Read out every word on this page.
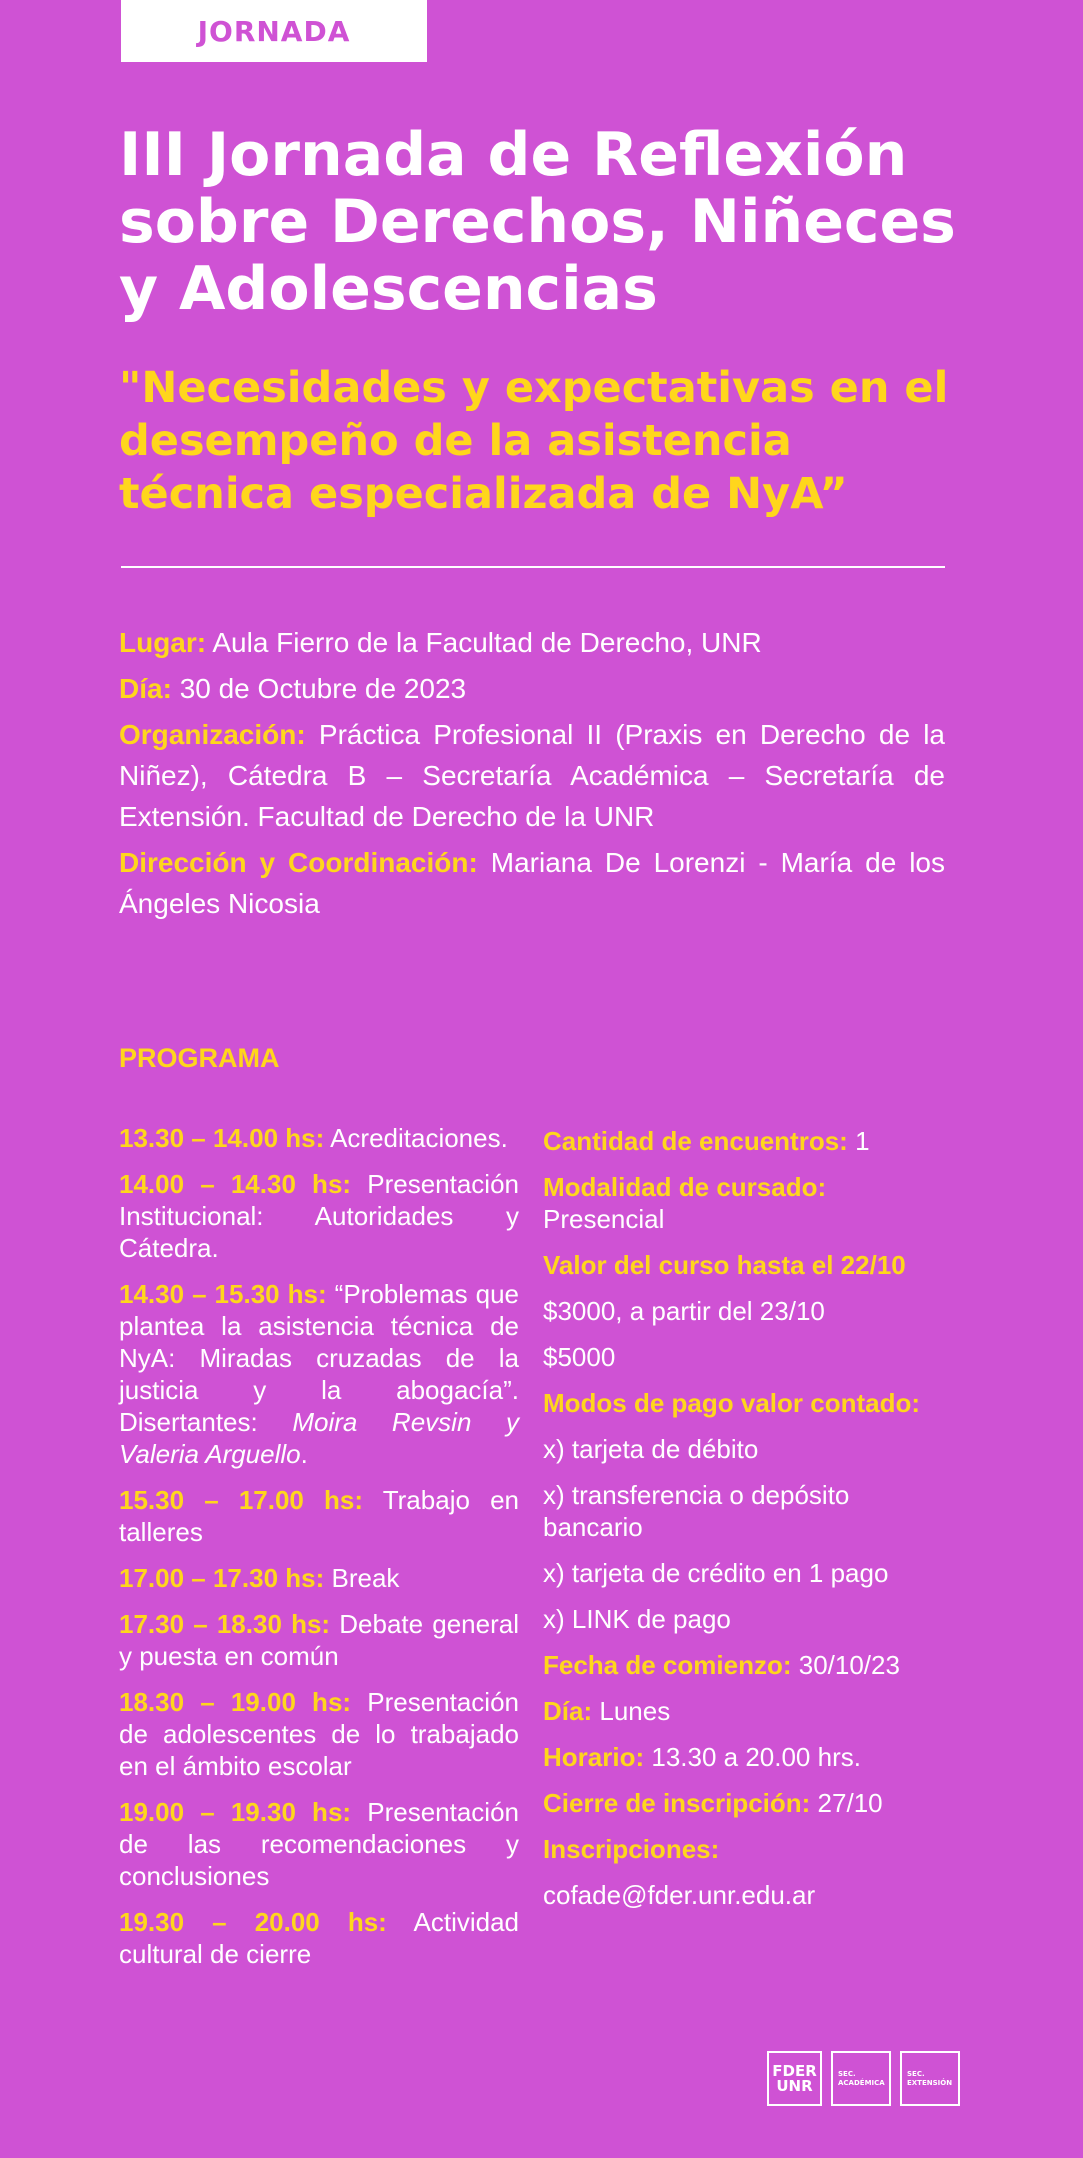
JORNADA
III Jornada de Reflexión sobre Derechos, Niñeces y Adolescencias
"Necesidades y expectativas en el desempeño de la asistencia técnica especializada de NyA”

Lugar: Aula Fierro de la Facultad de Derecho, UNR

Día: 30 de Octubre de 2023

Organización: Práctica Profesional II (Praxis en Derecho de la Niñez), Cátedra B – Secretaría Académica – Secretaría de Extensión. Facultad de Derecho de la UNR

Dirección y Coordinación: Mariana De Lorenzi - María de los Ángeles Nicosia

PROGRAMA

13.30 – 14.00 hs: Acreditaciones.

14.00 – 14.30 hs: Presentación Institucional: Autoridades y Cátedra.

14.30 – 15.30 hs: “Problemas que plantea la asistencia técnica de NyA: Miradas cruzadas de la justicia y la abogacía”. Disertantes: Moira Revsin y Valeria Arguello.

15.30 – 17.00 hs: Trabajo en talleres

17.00 – 17.30 hs: Break

17.30 – 18.30 hs: Debate general y puesta en común

18.30 – 19.00 hs: Presentación de adolescentes de lo trabajado en el ámbito escolar

19.00 – 19.30 hs: Presentación de las recomendaciones y conclusiones

19.30 – 20.00 hs: Actividad cultural de cierre

Cantidad de encuentros: 1

Modalidad de cursado: Presencial

Valor del curso hasta el 22/10

$3000, a partir del 23/10

$5000

Modos de pago valor contado:

x) tarjeta de débito

x) transferencia o depósito bancario

x) tarjeta de crédito en 1 pago

x) LINK de pago

Fecha de comienzo: 30/10/23

Día: Lunes

Horario: 13.30 a 20.00 hrs.

Cierre de inscripción: 27/10

Inscripciones:

cofade@fder.unr.edu.ar

FDER
UNR
SEC.
ACADÉMICA
SEC.
EXTENSIÓN
